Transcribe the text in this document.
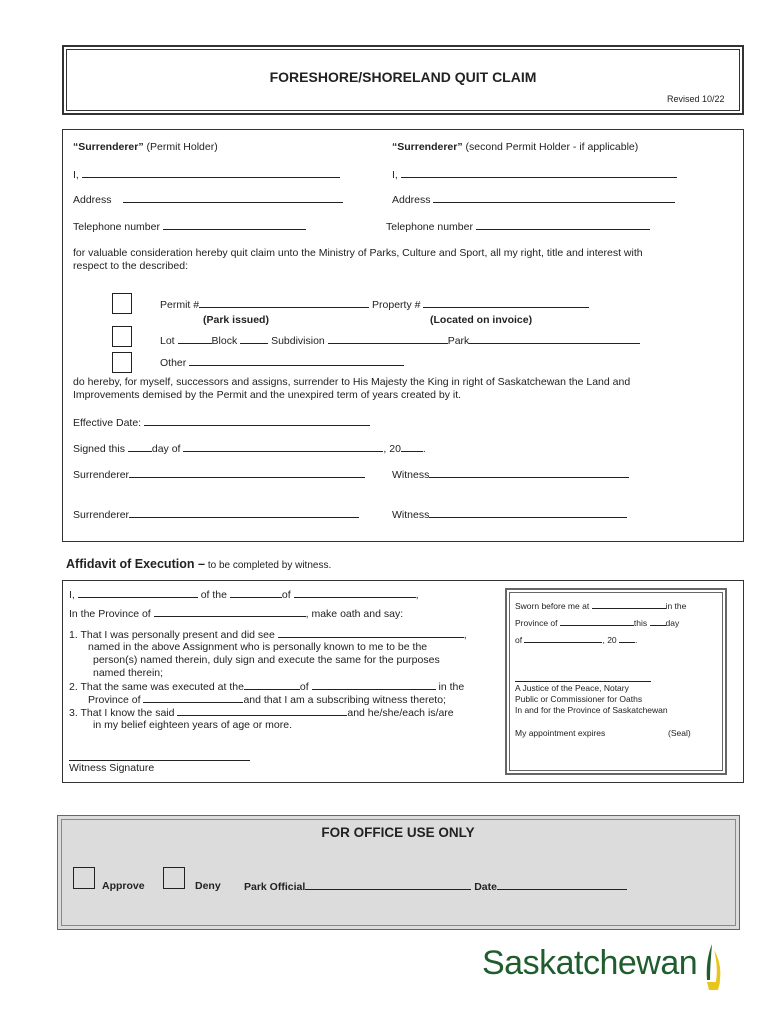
FORESHORE/SHORELAND QUIT CLAIM
Revised 10/22
“Surrenderer” (Permit Holder)	“Surrenderer” (second Permit Holder - if applicable)
I,	I,
Address	Address
Telephone number	Telephone number
for valuable consideration hereby quit claim unto the Ministry of Parks, Culture and Sport, all my right, title and interest with
respect to the described:
Permit #	Property #
(Park issued)	(Located on invoice)
Lot	Block	Subdivision	Park
Other
do hereby, for myself, successors and assigns, surrender to His Majesty the King in right of Saskatchewan the Land and
Improvements demised by the Permit and the unexpired term of years created by it.
Effective Date:
Signed this	day of	, 20 .
Surrenderer	Witness
Surrenderer	Witness
Affidavit of Execution – to be completed by witness.
I,	of the	of	,
In the Province of	, make oath and say:
1. That I was personally present and did see	,
named in the above Assignment who is personally known to me to be the
person(s) named therein, duly sign and execute the same for the purposes
named therein;
2. That the same was executed at the	of	in the
Province of	and that I am a subscribing witness thereto;
3. That I know the said	and he/she/each is/are
in my belief eighteen years of age or more.
Witness Signature
Sworn before me at	in the
Province of	this day
of	, 20 .
A Justice of the Peace, Notary
Public or Commissioner for Oaths
In and for the Province of Saskatchewan
My appointment expires	(Seal)
FOR OFFICE USE ONLY
Approve	Deny Park Official	Date
Saskatchewan
